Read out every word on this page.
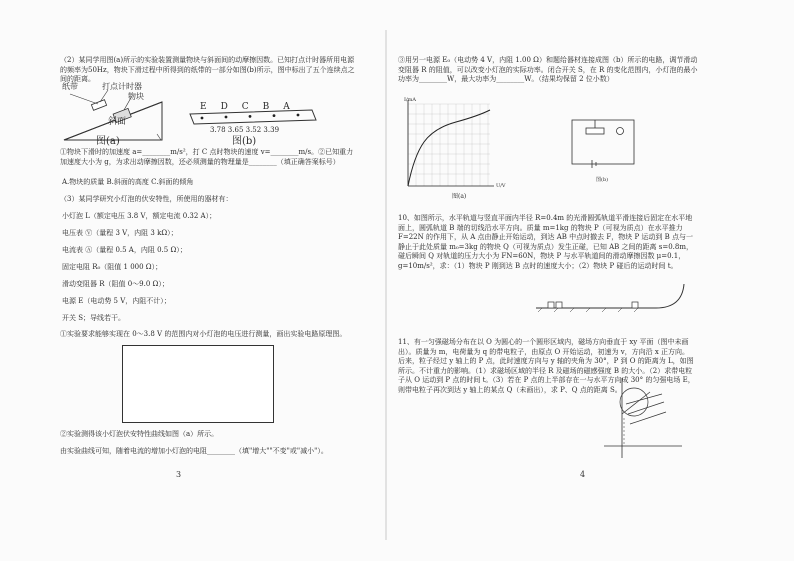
（2）某同学用图(a)所示的实验装置测量物块与斜面间的动摩擦因数。已知打点计时器所用电源的频率为50Hz，物块下滑过程中所得到的纸带的一部分如图(b)所示，图中标出了五个连续点之间的距离。
纸带	打点计时器
物块
斜面
图(a)
EDCBA
3.78 3.65 3.52 3.39
图(b)
①物块下滑时的加速度 a=________m/s²，打 C 点时物块的速度 v=________m/s。②已知重力加速度大小为 g，为求出动摩擦因数，还必须测量的物理量是________（填正确答案标号）
A.物块的质量 B.斜面的高度 C.斜面的倾角
（3）某同学研究小灯泡的伏安特性，所使用的器材有：
小灯泡 L（额定电压 3.8 V，额定电流 0.32 A）；
电压表 Ⓥ（量程 3 V，内阻 3 kΩ）；
电流表 Ⓐ（量程 0.5 A，内阻 0.5 Ω）；
固定电阻 R₀（阻值 1 000 Ω）；
滑动变阻器 R（阻值 0～9.0 Ω）；
电源 E（电动势 5 V，内阻不计）；
开关 S；导线若干。
①实验要求能够实现在 0～3.8 V 的范围内对小灯泡的电压进行测量，画出实验电路原理图。
②实验测得该小灯泡伏安特性曲线如图（a）所示。
由实验曲线可知，随着电流的增加小灯泡的电阻________（填"增大""不变"或"减小"）。
3
③用另一电源 E₀（电动势 4 V，内阻 1.00 Ω）和题给器材连接成图（b）所示的电路，调节滑动变阻器 R 的阻值，可以改变小灯泡的实际功率。闭合开关 S，在 R 的变化范围内，小灯泡的最小功率为________W，最大功率为________W。（结果均保留 2 位小数）
I/mA
U/V
图(a)
图(b)
10、如图所示，水平轨道与竖直平面内半径 R=0.4m 的光滑圆弧轨道平滑连接后固定在水平地面上，圆弧轨道 B 端的切线沿水平方向。质量 m=1kg 的物块 P（可视为质点）在水平推力 F=22N 的作用下，从 A 点由静止开始运动，到达 AB 中点时撤去 F，物块 P 运动到 B 点与一静止于此处质量 m₀=3kg 的物块 Q（可视为质点）发生正碰，已知 AB 之间的距离 s=0.8m，碰后瞬间 Q 对轨道的压力大小为 FN=60N，物块 P 与水平轨道间的滑动摩擦因数 μ=0.1，g=10m/s²，求：（1）物块 P 刚到达 B 点时的速度大小；（2）物块 P 碰后的运动时间 t。
11、有一匀强磁场分布在以 O 为圆心的一个圆形区域内，磁场方向垂直于 xy 平面（图中未画出）。质量为 m，电荷量为 q 的带电粒子，由原点 O 开始运动，初速为 v，方向沿 x 正方向。后来，粒子经过 y 轴上的 P 点，此时速度方向与 y 轴的夹角为 30°，P 到 O 的距离为 L，如图所示。不计重力的影响。（1）求磁场区域的半径 R 及磁场的磁感强度 B 的大小。（2）求带电粒子从 O 运动到 P 点的时间 t。（3）若在 P 点的上半部存在一与水平方向成 30° 的匀强电场 E，则带电粒子再次到达 y 轴上的某点 Q（未画出），求 P、Q 点的距离 S。
4
